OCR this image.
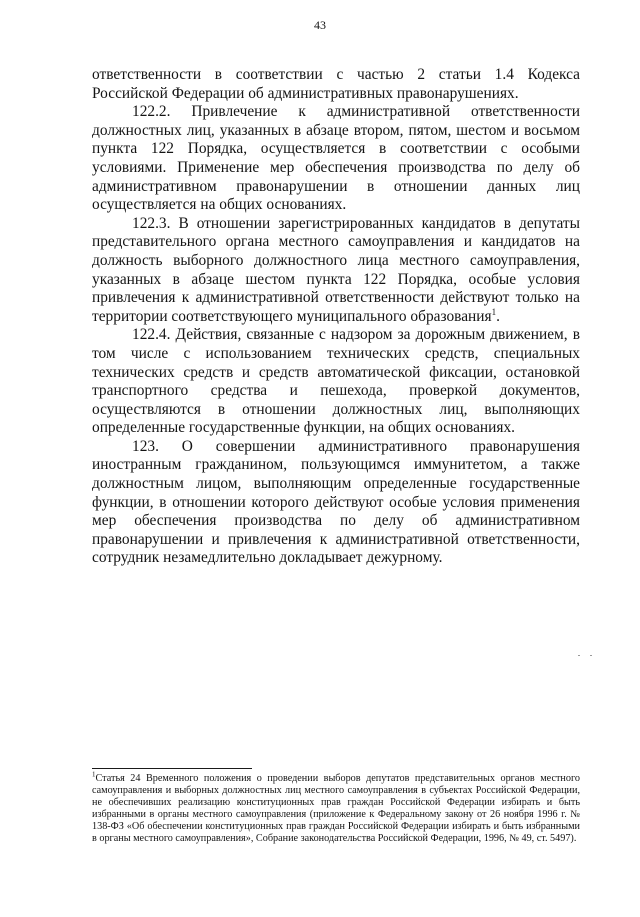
43

ответственности в соответствии с частью 2 статьи 1.4 Кодекса Российской Федерации об административных правонарушениях.

122.2. Привлечение к административной ответственности должностных лиц, указанных в абзаце втором, пятом, шестом и восьмом пункта 122 Порядка, осуществляется в соответствии с особыми условиями. Применение мер обеспечения производства по делу об административном правонарушении в отношении данных лиц осуществляется на общих основаниях.

122.3. В отношении зарегистрированных кандидатов в депутаты представительного органа местного самоуправления и кандидатов на должность выборного должностного лица местного самоуправления, указанных в абзаце шестом пункта 122 Порядка, особые условия привлечения к административной ответственности действуют только на территории соответствующего муниципального образования$^1$.

122.4. Действия, связанные с надзором за дорожным движением, в том числе с использованием технических средств, специальных технических средств и средств автоматической фиксации, остановкой транспортного средства и пешехода, проверкой документов, осуществляются в отношении должностных лиц, выполняющих определенные государственные функции, на общих основаниях.

123. О совершении административного правонарушения иностранным гражданином, пользующимся иммунитетом, а также должностным лицом, выполняющим определенные государственные функции, в отношении которого действуют особые условия применения мер обеспечения производства по делу об административном правонарушении и привлечения к административной ответственности, сотрудник незамедлительно докладывает дежурному.

$^1$Статья 24 Временного положения о проведении выборов депутатов представительных органов местного самоуправления и выборных должностных лиц местного самоуправления в субъектах Российской Федерации, не обеспечивших реализацию конституционных прав граждан Российской Федерации избирать и быть избранными в органы местного самоуправления (приложение к Федеральному закону от 26 ноября 1996 г. № 138-ФЗ «Об обеспечении конституционных прав граждан Российской Федерации избирать и быть избранными в органы местного самоуправления», Собрание законодательства Российской Федерации, 1996, № 49, ст. 5497).
